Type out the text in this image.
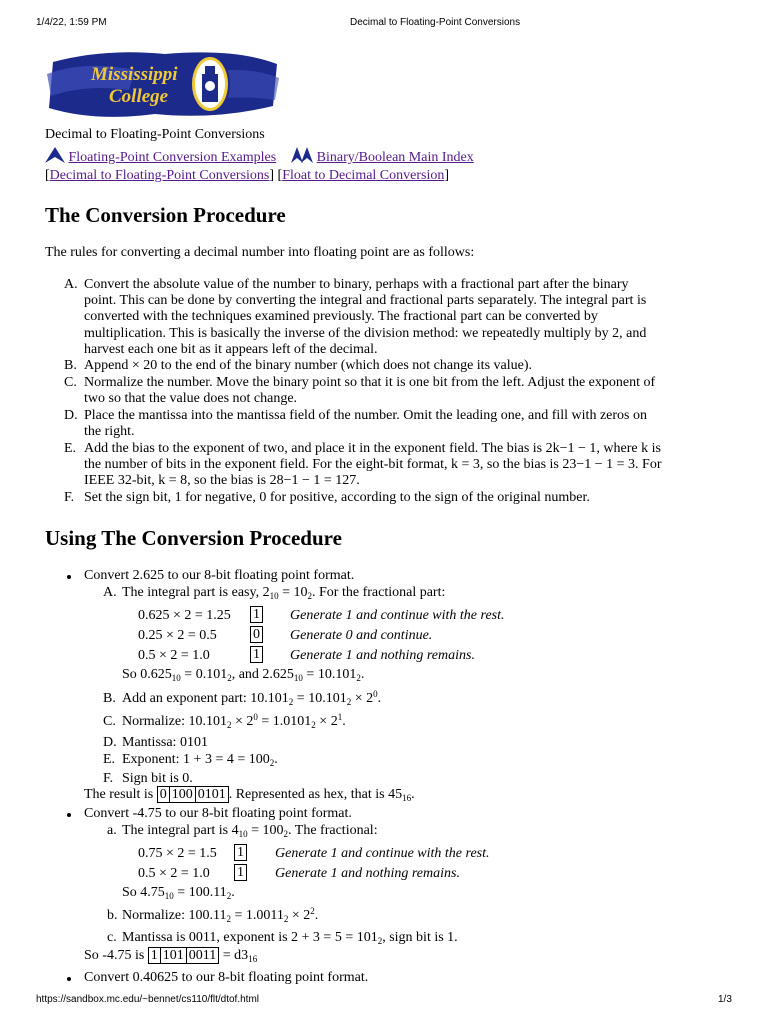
1/4/22, 1:59 PM	Decimal to Floating-Point Conversions
https://sandbox.mc.edu/~bennet/cs110/flt/dtof.html	1/3
Mississippi
College
Decimal to Floating-Point Conversions
Floating-Point Conversion Examples	Binary/Boolean Main Index
[Decimal to Floating-Point Conversions] [Float to Decimal Conversion]
The Conversion Procedure
The rules for converting a decimal number into floating point are as follows:
A. Convert the absolute value of the number to binary, perhaps with a fractional part after the binary
point. This can be done by converting the integral and fractional parts separately. The integral part is
converted with the techniques examined previously. The fractional part can be converted by
multiplication. This is basically the inverse of the division method: we repeatedly multiply by 2, and
harvest each one bit as it appears left of the decimal.
B. Append × 20 to the end of the binary number (which does not change its value).
C. Normalize the number. Move the binary point so that it is one bit from the left. Adjust the exponent of
two so that the value does not change.
D. Place the mantissa into the mantissa field of the number. Omit the leading one, and fill with zeros on
the right.
E. Add the bias to the exponent of two, and place it in the exponent field. The bias is 2k−1 − 1, where k is
the number of bits in the exponent field. For the eight-bit format, k = 3, so the bias is 23−1 − 1 = 3. For
IEEE 32-bit, k = 8, so the bias is 28−1 − 1 = 127.
F. Set the sign bit, 1 for negative, 0 for positive, according to the sign of the original number.
Using The Conversion Procedure
Convert 2.625 to our 8-bit floating point format.
A. The integral part is easy, $2_{10} = 10_2$. For the fractional part:
0.625 × 2 = 1.25 1 Generate 1 and continue with the rest.
0.25 × 2 = 0.5	0 Generate 0 and continue.
0.5 × 2 = 1.0	1 Generate 1 and nothing remains.
So $0.625_{10} = 0.101_2$, and $2.625_{10} = 10.101_2$.
B. Add an exponent part: $10.101_2 = 10.101_2 \times 2^0$.
C. Normalize: $10.101_2 \times 2^0 = 1.0101_2 \times 2^1$.
D. Mantissa: 0101
E. Exponent: $1 + 3 = 4 = 100_2$.
F. Sign bit is 0.
The result is 0 100 0101 . Represented as hex, that is $45_{16}$.
Convert -4.75 to our 8-bit floating point format.
a. The integral part is $4_{10} = 100_2$. The fractional:
0.75 × 2 = 1.5 1 Generate 1 and continue with the rest.
0.5 × 2 = 1.0 1 Generate 1 and nothing remains.
So $4.75_{10} = 100.11_2$.
b. Normalize: $100.11_2 = 1.0011_2 \times 2^2$.
c. Mantissa is 0011, exponent is $2 + 3 = 5 = 101_2$, sign bit is 1.
So -4.75 is 1 101 $0011 = d3_{16}$
Convert 0.40625 to our 8-bit floating point format.
